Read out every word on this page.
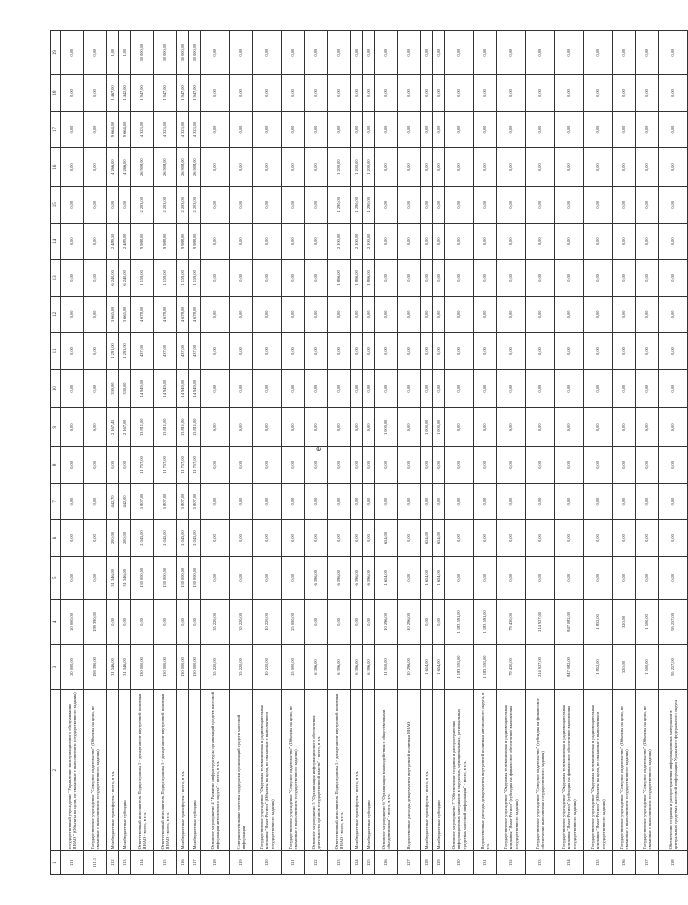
е
1	2	3	4	5	6	7	8	9	10	11	12	13	14	15	16	17	18	19
111	государственный учреждение "Управление эксплуатационного обслуживания ЯНАО " (Объекты на цели, не связанные с выполнением государственного задания)	20 000,00	20 000,00	0,00	0,00	0,00	0,00	0,00	0,00	0,00	0,00	0,00	0,00	0,00	0,00	0,00	0,00	0,00
111.1	Государственное учреждение "Северное издательство" (Объекты на цели, не связанные с выполнением государственного задания)	199 390,00	199 390,00	0,00	0,00	0,00	0,00	0,00	0,00	0,00	0,00	0,00	0,00	0,00	0,00	0,00	0,00	0,00
112	Межбюджетные трансферты - всего, в т.ч.	31 346,00	0,00	31 346,00	200,00	442,70	0,00	2 167,45	330,00	1 291,00	3 665,00	6 240,00	2 489,50	0,00	4 266,00	9 664,00	1 467,00	1,00
113	Межбюджетные субсидии	31 346,00	0,00	31 346,00	200,00	442,00	0,00	2 167,00	330,00	1 291,00	3 665,00	6 240,00	2 489,00	0,00	4 266,00	9 664,00	1 442,00	1,00
114	Ответственный исполнитель Подпрограммы 5 - департамент внутренней политики ЯНАО - всего, в т.ч.	130 000,00	0,00	130 000,00	2 045,00	5 807,00	11 757,00	13 811,00	14 949,00	437,00	4 678,00	1 159,00	9 988,00	2 203,00	26 908,00	4 323,00	1 947,00	30 000,00
115	Ответственный исполнитель Подпрограммы 5 - департамент внутренней политики ЯНАО - всего, в т.ч.	130 000,00	0,00	130 000,00	2 045,00	5 807,00	11 757,00	13 811,00	14 949,00	437,00	4 678,00	1 159,00	9 988,00	2 203,00	26 908,00	4 323,00	1 947,00	30 000,00
116	Межбюджетные трансферты - всего, в т.ч.	130 000,00	0,00	130 000,00	2 045,00	5 807,00	11 757,00	13 811,00	14 949,00	437,00	4 678,00	1 159,00	9 988,00	2 203,00	26 908,00	4 323,00	1 947,00	30 000,00
117	Межбюджетные субсидии	130 000,00	0,00	130 000,00	2 045,00	5 807,00	11 757,00	13 811,00	14 949,00	437,00	4 678,00	1 159,00	9 988,00	2 203,00	26 908,00	4 323,00	1 947,00	30 000,00
118	Основное мероприятие 4 "Развитие инфраструктуры организаций средств массовой информации автономного округа" - всего, в т.ч.	35 220,00	35 220,00	0,00	0,00	0,00	0,00	0,00	0,00	0,00	0,00	0,00	0,00	0,00	0,00	0,00	0,00	0,00
119	Совершенствование системы поддержки организаций средств массовой информации	35 220,00	35 220,00	0,00	0,00	0,00	0,00	0,00	0,00	0,00	0,00	0,00	0,00	0,00	0,00	0,00	0,00	0,00
120	Государственное учреждение "Окружная телевизионная и радиовещательная компания "Ямал-Регион" (Объекты на цели, не связанные с выполнением государственного задания)	10 220,00	10 220,00	0,00	0,00	0,00	0,00	0,00	0,00	0,00	0,00	0,00	0,00	0,00	0,00	0,00	0,00	0,00
121	Государственное учреждение "Северное издательство" (Объекты на цели, не связанные с выполнением государственного задания)	25 000,00	25 000,00	0,00	0,00	0,00	0,00	0,00	0,00	0,00	0,00	0,00	0,00	0,00	0,00	0,00	0,00	0,00
122	Основное мероприятие 5 "Организация информационного обеспечения деятельности органов государственной власти" - всего, в т.ч.	6 396,00	0,00	6 396,00	0,00	0,00	0,00	0,00	0,00	0,00	0,00	0,00	0,00	0,00	0,00	0,00	0,00	0,00
123	Ответственный исполнитель Подпрограммы 5 - департамент внутренней политики ЯНАО - всего, в т.ч.	6 396,00	0,00	6 396,00	0,00	0,00	0,00	0,00	0,00	0,00	0,00	1 806,00	2 100,00	1 290,00	1 200,00	0,00	0,00	0,00
124	Межбюджетные трансферты - всего, в т.ч.	6 396,00	0,00	6 396,00	0,00	0,00	0,00	0,00	0,00	0,00	0,00	1 806,00	2 100,00	1 290,00	1 200,00	0,00	0,00	0,00
125	Межбюджетные субсидии	6 396,00	0,00	6 396,00	0,00	0,00	0,00	0,00	0,00	0,00	0,00	1 806,00	2 100,00	1 290,00	1 200,00	0,00	0,00	0,00
126	Основное мероприятие 6 "Организация взаимодействия с общественными объединениями" - всего, в т.ч.	11 950,00	10 296,00	1 654,00	654,00	0,00	0,00	1 000,00	0,00	0,00	0,00	0,00	0,00	0,00	0,00	0,00	0,00	0,00
127	Ведомственные расходы департамента внутренней политики ЯНАО	10 296,00	10 296,00	0,00	0,00	0,00	0,00	0,00	0,00	0,00	0,00	0,00	0,00	0,00	0,00	0,00	0,00	0,00
128	Межбюджетные трансферты - всего, в т.ч.	1 654,00	0,00	1 654,00	654,00	0,00	0,00	1 000,00	0,00	0,00	0,00	0,00	0,00	0,00	0,00	0,00	0,00	0,00
129	Межбюджетные субсидии	1 654,00	0,00	1 654,00	654,00	0,00	0,00	1 000,00	0,00	0,00	0,00	0,00	0,00	0,00	0,00	0,00	0,00	0,00
130	Основное мероприятие 7 "Обеспечение создания и распространения информационных материалов в окружных, муниципальных, региональных средствах массовой информации" - всего, в т.ч.	1 183 591,00	1 183 591,00	0,00	0,00	0,00	0,00	0,00	0,00	0,00	0,00	0,00	0,00	0,00	0,00	0,00	0,00	0,00
131	Ведомственные расходы департамента внутренней политики автономного округа, в т.ч.	1 183 591,00	1 183 591,00	0,00	0,00	0,00	0,00	0,00	0,00	0,00	0,00	0,00	0,00	0,00	0,00	0,00	0,00	0,00
132	Государственное учреждение "Окружная телевизионная и радиовещательная компания "Ямал-Регион" (субсидия на финансовое обеспечение выполнения государственного задания)	79 430,00	79 430,00	0,00	0,00	0,00	0,00	0,00	0,00	0,00	0,00	0,00	0,00	0,00	0,00	0,00	0,00	0,00
133	Государственное учреждение "Северное издательство" (субсидия на финансовое обеспечение выполнения государственного задания)	214 927,00	214 927,00	0,00	0,00	0,00	0,00	0,00	0,00	0,00	0,00	0,00	0,00	0,00	0,00	0,00	0,00	0,00
134	Государственное учреждение "Окружная телевизионная и радиовещательная компания "Ямал-Регион" (субсидия на финансовое обеспечение выполнения государственного задания)	847 082,00	847 082,00	0,00	0,00	0,00	0,00	0,00	0,00	0,00	0,00	0,00	0,00	0,00	0,00	0,00	0,00	0,00
135	Государственное учреждение "Окружная телевизионная и радиовещательная компания "Ямал-Регион" (Объекты на цели, не связанные с выполнением государственного задания)	1 852,00	1 852,00	0,00	0,00	0,00	0,00	0,00	0,00	0,00	0,00	0,00	0,00	0,00	0,00	0,00	0,00	0,00
136	Государственное учреждение "Северное издательство" (Объекты на цели, не связанные с выполнением государственного задания)	320,00	320,00	0,00	0,00	0,00	0,00	0,00	0,00	0,00	0,00	0,00	0,00	0,00	0,00	0,00	0,00	0,00
137	Государственное учреждение "Северное издательство" (Объекты на цели, не связанные с выполнением государственного задания)	1 500,00	1 500,00	0,00	0,00	0,00	0,00	0,00	0,00	0,00	0,00	0,00	0,00	0,00	0,00	0,00	0,00	0,00
138	Обеспечение создания и распространения информационных материалов в центральных средствах массовой информации Уральского федерального округа	95 257,00	95 257,00	0,00	0,00	0,00	0,00	0,00	0,00	0,00	0,00	0,00	0,00	0,00	0,00	0,00	0,00	0,00
